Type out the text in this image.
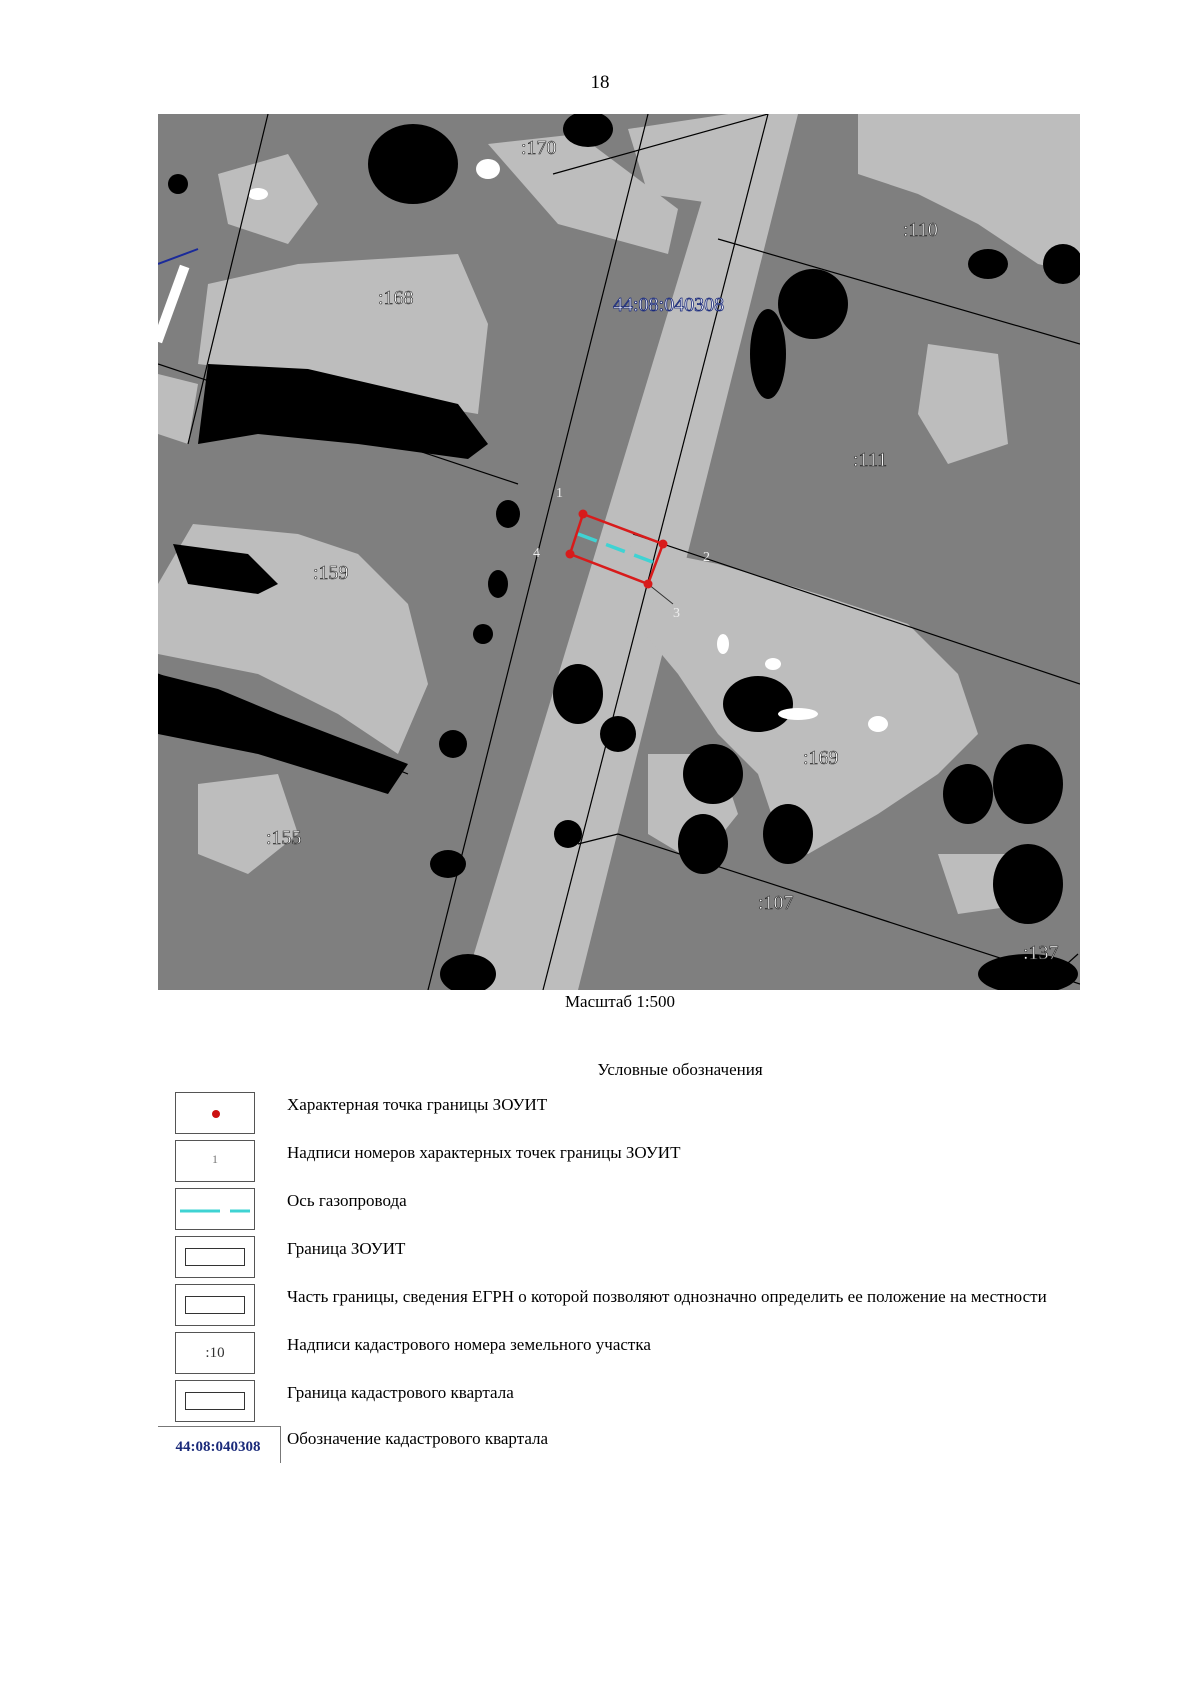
18
1
2
3
4
:170
:110
:168
:111
:159
:169
:155
:107
:137
44:08:040308
Масштаб 1:500
Условные обозначения
Характерная точка границы ЗОУИТ
1	Надписи номеров характерных точек границы ЗОУИТ
Ось газопровода
Граница ЗОУИТ
Часть границы, сведения ЕГРН о которой позволяют однозначно определить ее положение на местности
:10	Надписи кадастрового номера земельного участка
Граница кадастрового квартала
44:08:040308	Обозначение кадастрового квартала
